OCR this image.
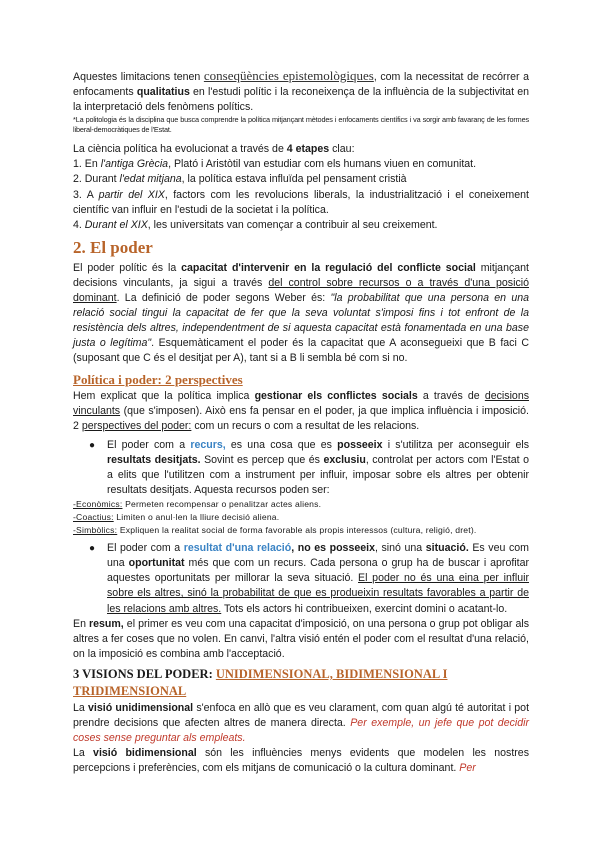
Aquestes limitacions tenen conseqüències epistemològiques, com la necessitat de recórrer a enfocaments qualitatius en l'estudi polític i la reconeixença de la influència de la subjectivitat en la interpretació dels fenòmens polítics.

*La politologia és la disciplina que busca comprendre la política mitjançant mètodes i enfocaments científics i va sorgir amb favaranç de les formes liberal-democràtiques de l'Estat.

La ciència política ha evolucionat a través de 4 etapes clau:

1. En l'antiga Grècia, Plató i Aristòtil van estudiar com els humans viuen en comunitat.

2. Durant l'edat mitjana, la política estava influïda pel pensament cristià

3. A partir del XIX, factors com les revolucions liberals, la industrialització i el coneixement científic van influir en l'estudi de la societat i la política.

4. Durant el XIX, les universitats van començar a contribuir al seu creixement.

2. El poder

El poder polític és la capacitat d'intervenir en la regulació del conflicte social mitjançant decisions vinculants, ja sigui a través del control sobre recursos o a través d'una posició dominant. La definició de poder segons Weber és: "la probabilitat que una persona en una relació social tingui la capacitat de fer que la seva voluntat s'imposi fins i tot enfront de la resistència dels altres, independentment de si aquesta capacitat està fonamentada en una base justa o legítima". Esquemàticament el poder és la capacitat que A aconsegueixi que B faci C (suposant que C és el desitjat per A), tant si a B li sembla bé com si no.

Política i poder: 2 perspectives

Hem explicat que la política implica gestionar els conflictes socials a través de decisions vinculants (que s'imposen). Això ens fa pensar en el poder, ja que implica influència i imposició. 2 perspectives del poder: com un recurs o com a resultat de les relacions.

● El poder com a recurs, es una cosa que es posseeix i s'utilitza per aconseguir els resultats desitjats. Sovint es percep que és exclusiu, controlat per actors com l'Estat o a elits que l'utilitzen com a instrument per influir, imposar sobre els altres per obtenir resultats desitjats. Aquesta recursos poden ser:

-Econòmics: Permeten recompensar o penalitzar actes aliens.

-Coactius: Limiten o anul·len la lliure decisió aliena.

-Simbòlics: Expliquen la realitat social de forma favorable als propis interessos (cultura, religió, dret).

● El poder com a resultat d'una relació, no es posseeix, sinó una situació. Es veu com una oportunitat més que com un recurs. Cada persona o grup ha de buscar i aprofitar aquestes oportunitats per millorar la seva situació. El poder no és una eina per influir sobre els altres, sinó la probabilitat de que es produeixin resultats favorables a partir de les relacions amb altres. Tots els actors hi contribueixen, exercint domini o acatant-lo.

En resum, el primer es veu com una capacitat d'imposició, on una persona o grup pot obligar als altres a fer coses que no volen. En canvi, l'altra visió entén el poder com el resultat d'una relació, on la imposició es combina amb l'acceptació.

3 VISIONS DEL PODER: UNIDIMENSIONAL, BIDIMENSIONAL I TRIDIMENSIONAL

La visió unidimensional s'enfoca en allò que es veu clarament, com quan algú té autoritat i pot prendre decisions que afecten altres de manera directa. Per exemple, un jefe que pot decidir coses sense preguntar als empleats.

La visió bidimensional són les influències menys evidents que modelen les nostres percepcions i preferències, com els mitjans de comunicació o la cultura dominant. Per
